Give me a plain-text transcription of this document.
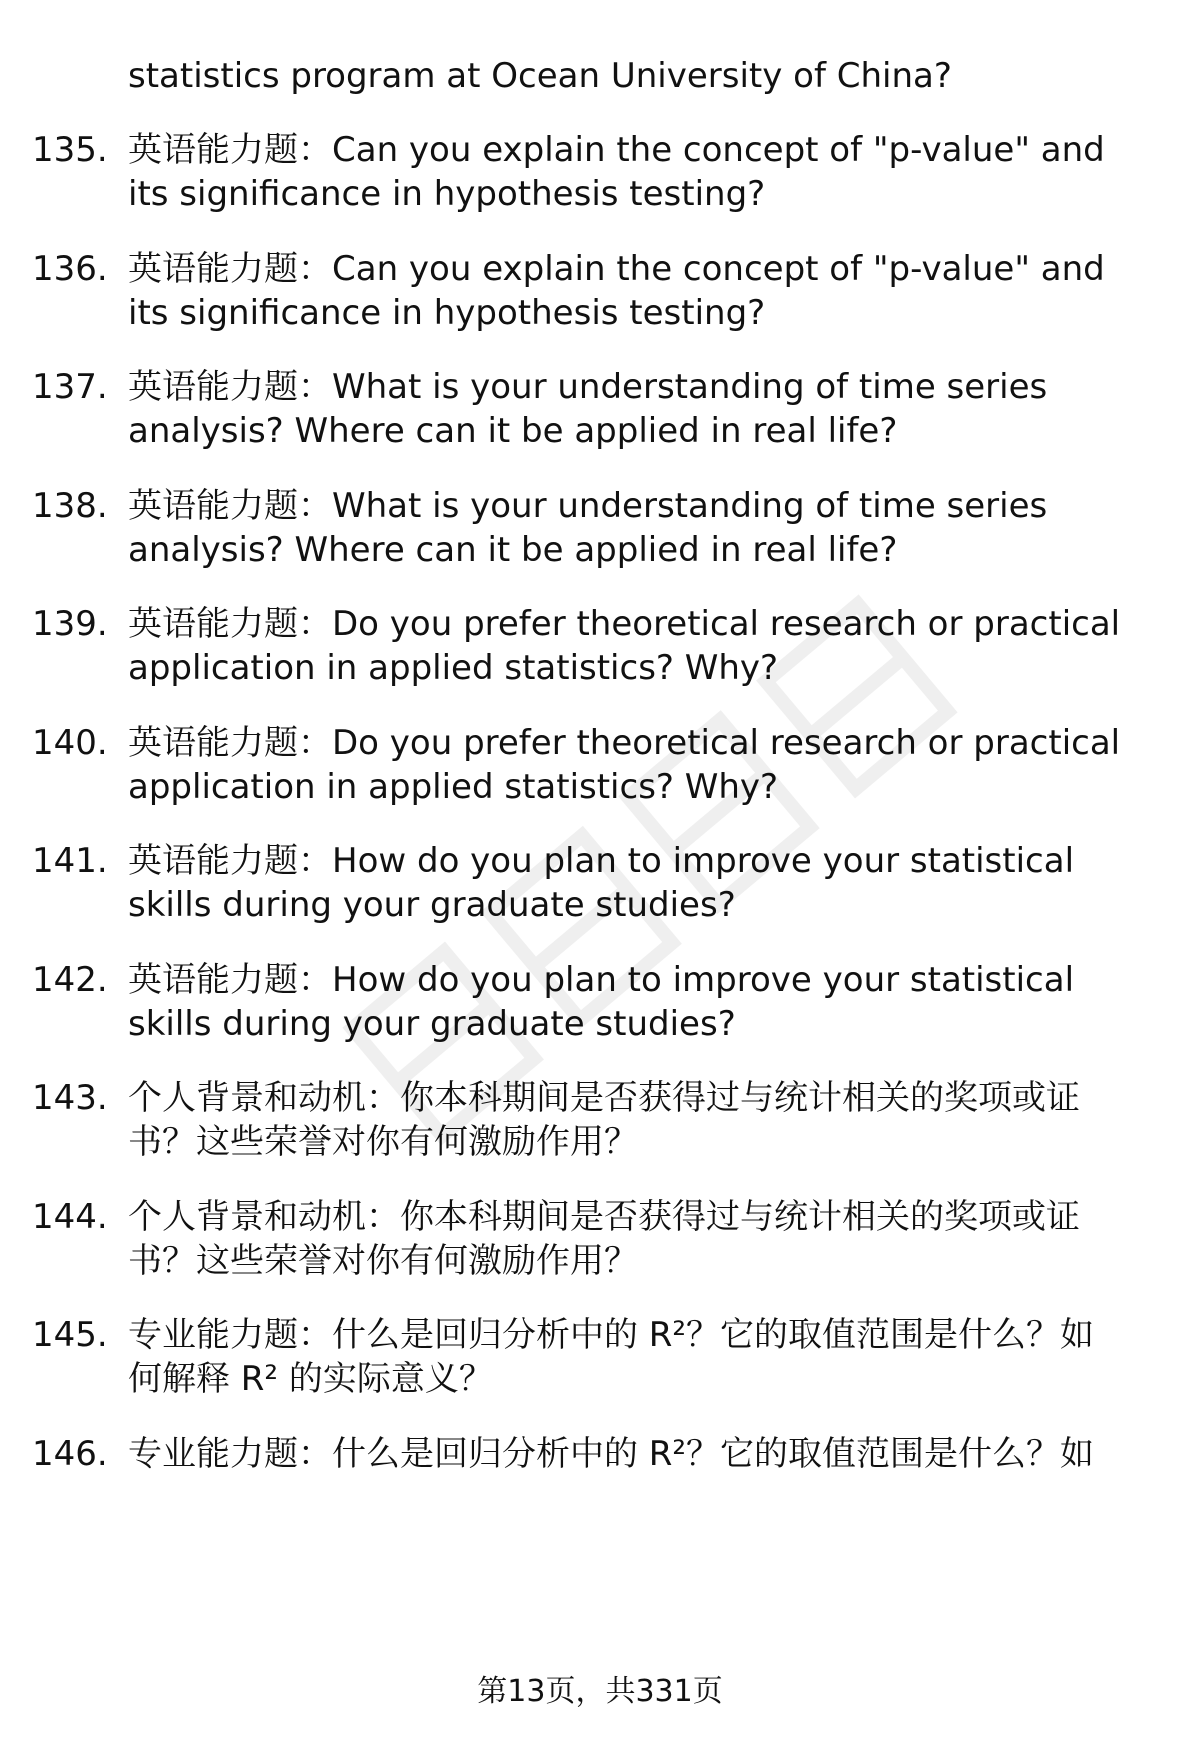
statistics program at Ocean University of China?
135. 英语能力题：Can you explain the concept of "p-value" and
its significance in hypothesis testing?
136. 英语能力题：Can you explain the concept of "p-value" and
its significance in hypothesis testing?
137. 英语能力题：What is your understanding of time series
analysis? Where can it be applied in real life?
138. 英语能力题：What is your understanding of time series
analysis? Where can it be applied in real life?
139. 英语能力题：Do you prefer theoretical research or practical
application in applied statistics? Why?
140. 英语能力题：Do you prefer theoretical research or practical
application in applied statistics? Why?
141. 英语能力题：How do you plan to improve your statistical
skills during your graduate studies?
142. 英语能力题：How do you plan to improve your statistical
skills during your graduate studies?
143. 个人背景和动机：你本科期间是否获得过与统计相关的奖项或证
书？这些荣誉对你有何激励作用？
144. 个人背景和动机：你本科期间是否获得过与统计相关的奖项或证
书？这些荣誉对你有何激励作用？
145. 专业能力题：什么是回归分析中的 R²？它的取值范围是什么？如
何解释 R² 的实际意义？
146. 专业能力题：什么是回归分析中的 R²？它的取值范围是什么？如
第13页，共331页
